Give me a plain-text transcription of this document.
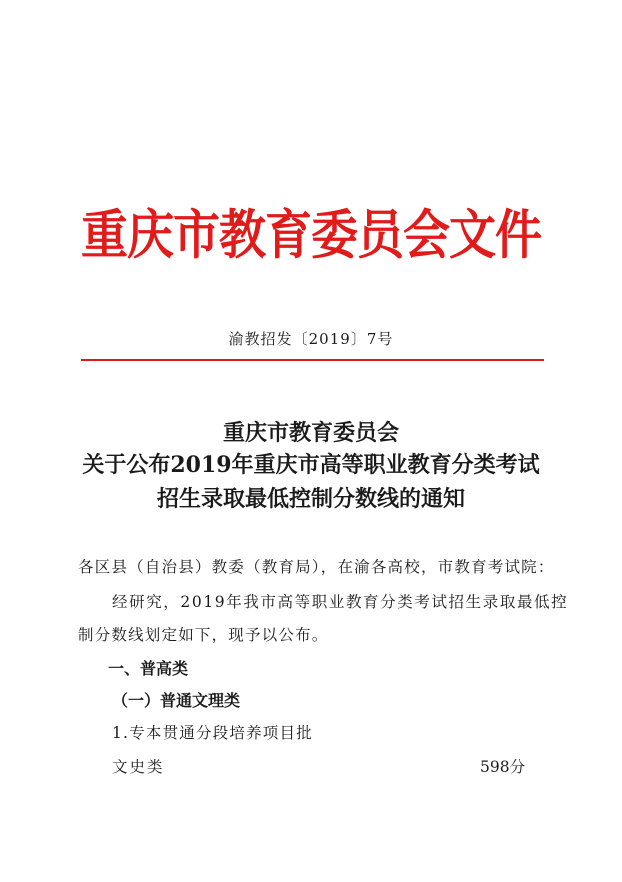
重庆市教育委员会文件
渝教招发〔2019〕7号
重庆市教育委员会
关于公布2019年重庆市高等职业教育分类考试
招生录取最低控制分数线的通知
各区县（自治县）教委（教育局），在渝各高校，市教育考试院：
经研究，2019年我市高等职业教育分类考试招生录取最低控
制分数线划定如下，现予以公布。
一、普高类
（一）普通文理类
1.专本贯通分段培养项目批
文史类	598分
